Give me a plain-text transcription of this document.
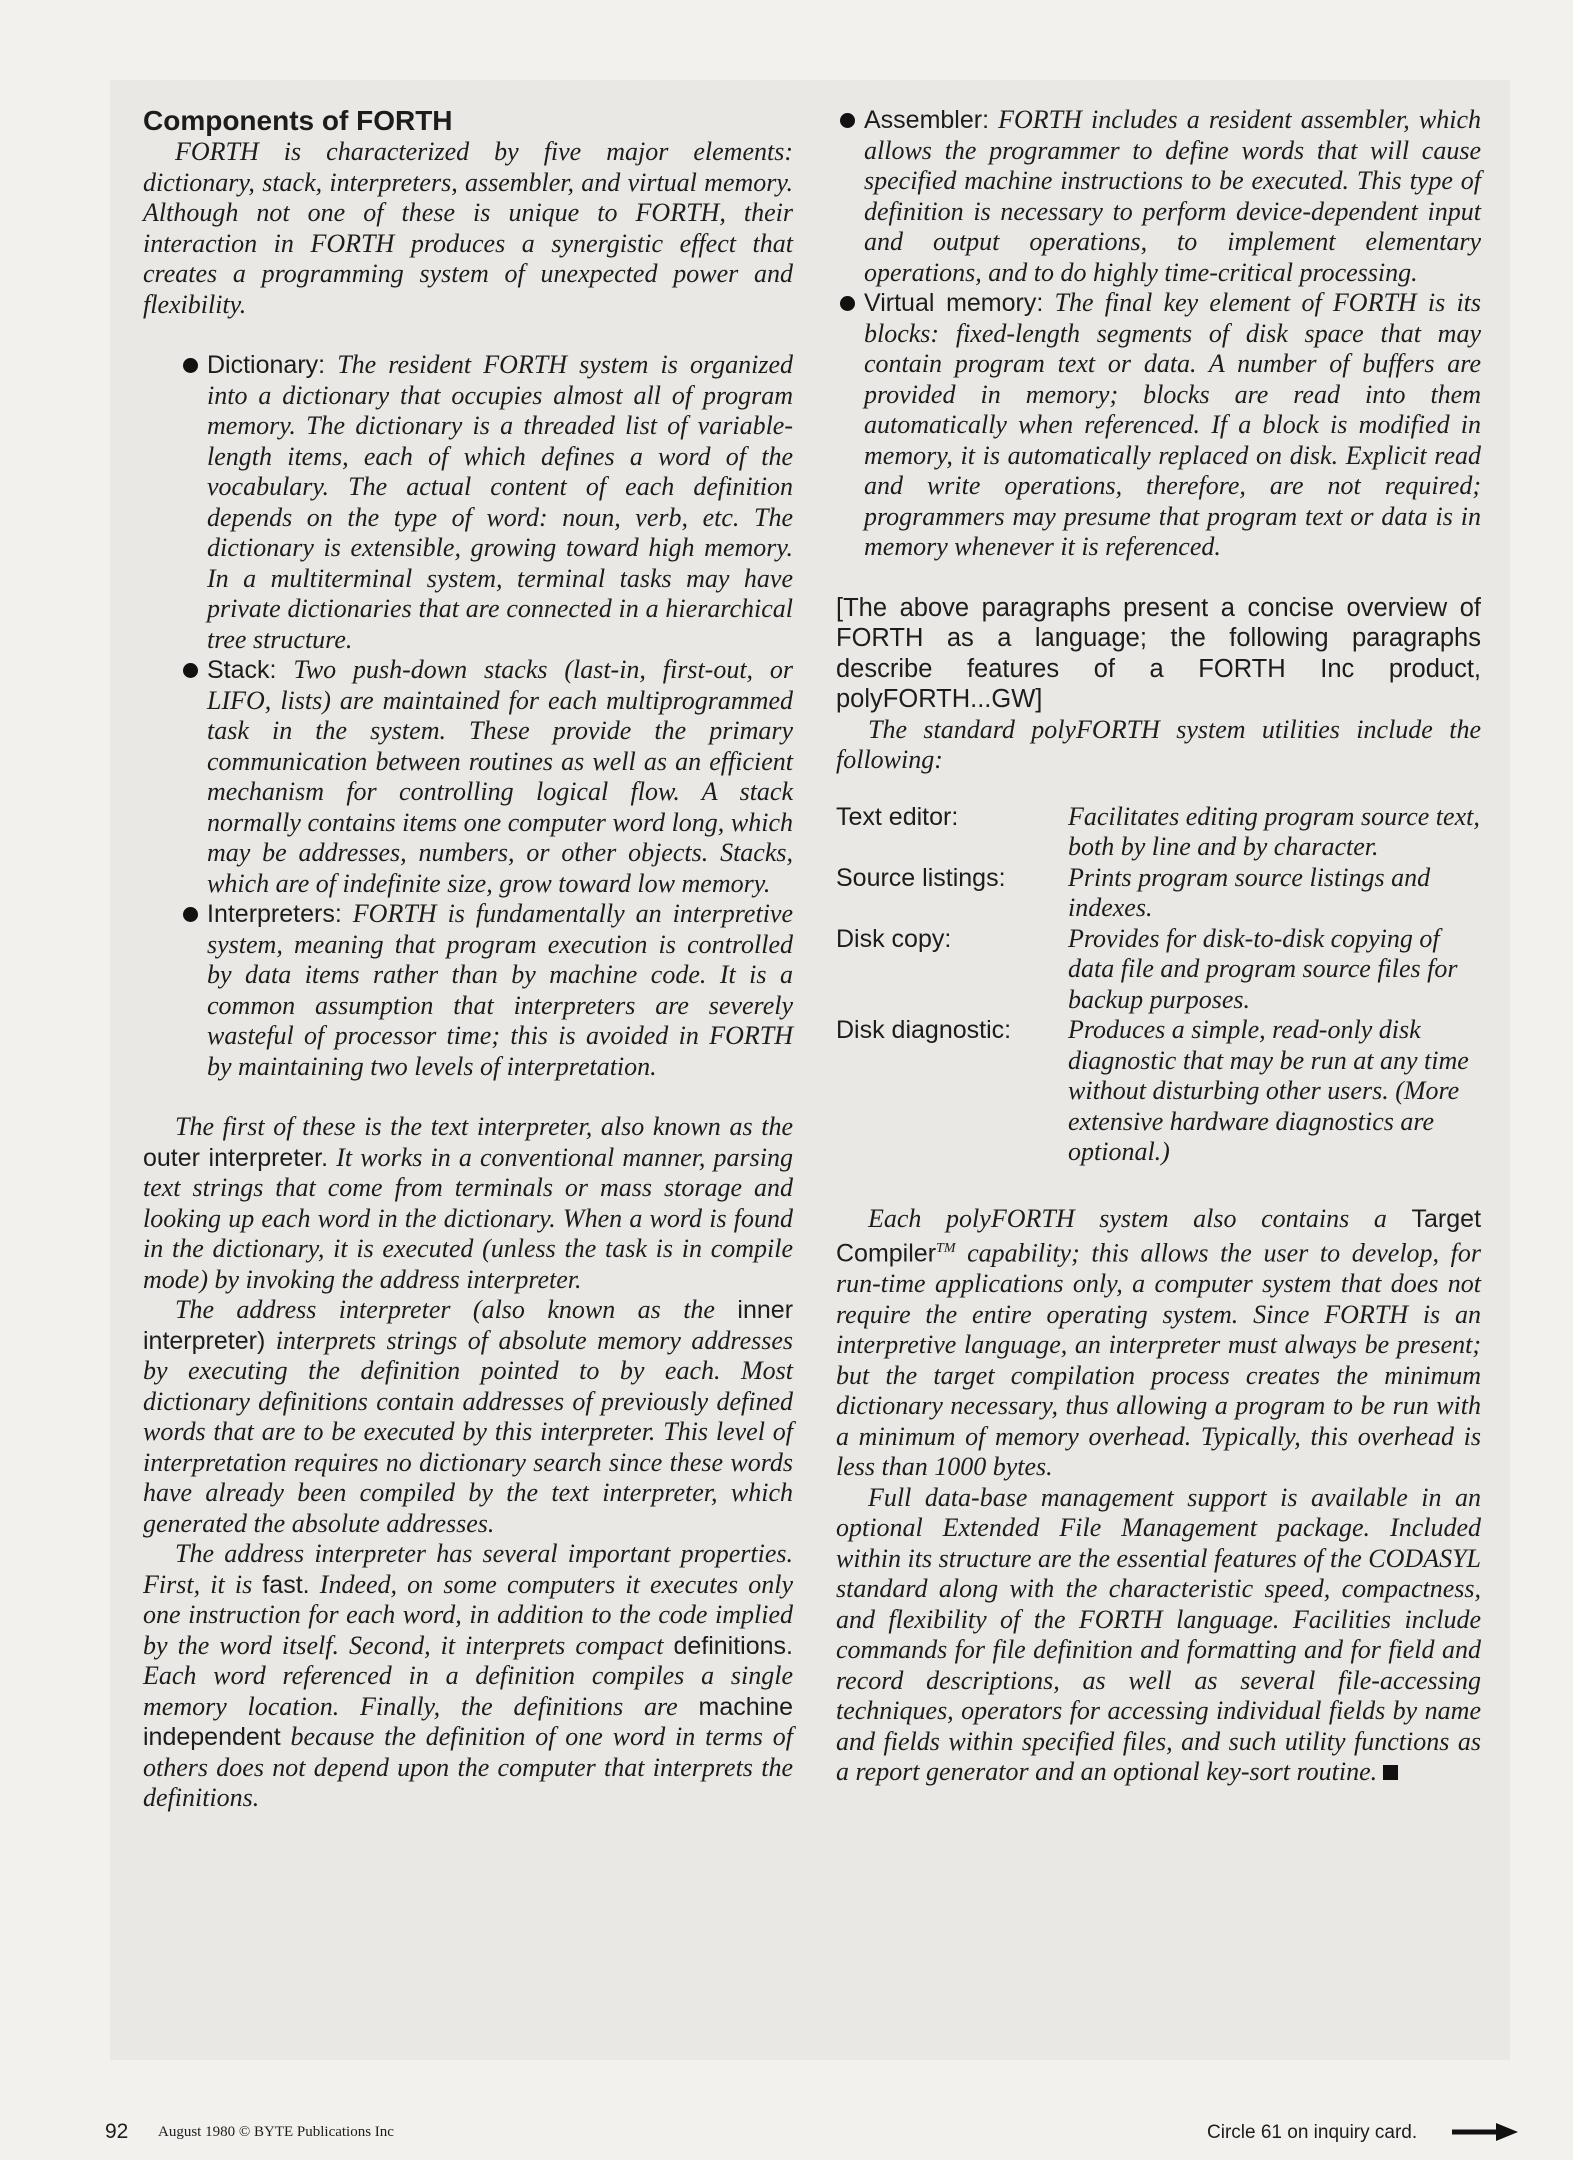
Components of FORTH

FORTH is characterized by five major elements: dictionary, stack, interpreters, assembler, and virtual memory. Although not one of these is unique to FORTH, their interaction in FORTH produces a synergistic effect that creates a programming system of unexpected power and flexibility.

Dictionary: The resident FORTH system is organized into a dictionary that occupies almost all of program memory. The dictionary is a threaded list of variable-length items, each of which defines a word of the vocabulary. The actual content of each definition depends on the type of word: noun, verb, etc. The dictionary is extensible, growing toward high memory. In a multiterminal system, terminal tasks may have private dictionaries that are connected in a hierarchical tree structure.
Stack: Two push-down stacks (last-in, first-out, or LIFO, lists) are maintained for each multiprogrammed task in the system. These provide the primary communication between routines as well as an efficient mechanism for controlling logical flow. A stack normally contains items one computer word long, which may be addresses, numbers, or other objects. Stacks, which are of indefinite size, grow toward low memory.
Interpreters: FORTH is fundamentally an interpretive system, meaning that program execution is controlled by data items rather than by machine code. It is a common assumption that interpreters are severely wasteful of processor time; this is avoided in FORTH by maintaining two levels of interpretation.

The first of these is the text interpreter, also known as the outer interpreter. It works in a conventional manner, parsing text strings that come from terminals or mass storage and looking up each word in the dictionary. When a word is found in the dictionary, it is executed (unless the task is in compile mode) by invoking the address interpreter.

The address interpreter (also known as the inner interpreter) interprets strings of absolute memory addresses by executing the definition pointed to by each. Most dictionary definitions contain addresses of previously defined words that are to be executed by this interpreter. This level of interpretation requires no dictionary search since these words have already been compiled by the text interpreter, which generated the absolute addresses.

The address interpreter has several important properties. First, it is fast. Indeed, on some computers it executes only one instruction for each word, in addition to the code implied by the word itself. Second, it interprets compact definitions. Each word referenced in a definition compiles a single memory location. Finally, the definitions are machine independent because the definition of one word in terms of others does not depend upon the computer that interprets the definitions.

Assembler: FORTH includes a resident assembler, which allows the programmer to define words that will cause specified machine instructions to be executed. This type of definition is necessary to perform device-dependent input and output operations, to implement elementary operations, and to do highly time-critical processing.
Virtual memory: The final key element of FORTH is its blocks: fixed-length segments of disk space that may contain program text or data. A number of buffers are provided in memory; blocks are read into them automatically when referenced. If a block is modified in memory, it is automatically replaced on disk. Explicit read and write operations, therefore, are not required; programmers may presume that program text or data is in memory whenever it is referenced.

[The above paragraphs present a concise overview of FORTH as a language; the following paragraphs describe features of a FORTH Inc product, polyFORTH...GW]

The standard polyFORTH system utilities include the following:

Text editor:	Facilitates editing program source text, both by line and by character.
Source listings:	Prints program source listings and indexes.
Disk copy:	Provides for disk-to-disk copying of data file and program source files for backup purposes.
Disk diagnostic:	Produces a simple, read-only disk diagnostic that may be run at any time without disturbing other users. (More extensive hardware diagnostics are optional.)

Each polyFORTH system also contains a Target Compiler™ capability; this allows the user to develop, for run-time applications only, a computer system that does not require the entire operating system. Since FORTH is an interpretive language, an interpreter must always be present; but the target compilation process creates the minimum dictionary necessary, thus allowing a program to be run with a minimum of memory overhead. Typically, this overhead is less than 1000 bytes.

Full data-base management support is available in an optional Extended File Management package. Included within its structure are the essential features of the CODASYL standard along with the characteristic speed, compactness, and flexibility of the FORTH language. Facilities include commands for file definition and formatting and for field and record descriptions, as well as several file-accessing techniques, operators for accessing individual fields by name and fields within specified files, and such utility functions as a report generator and an optional key-sort routine.

92 August 1980 © BYTE Publications Inc	Circle 61 on inquiry card.
